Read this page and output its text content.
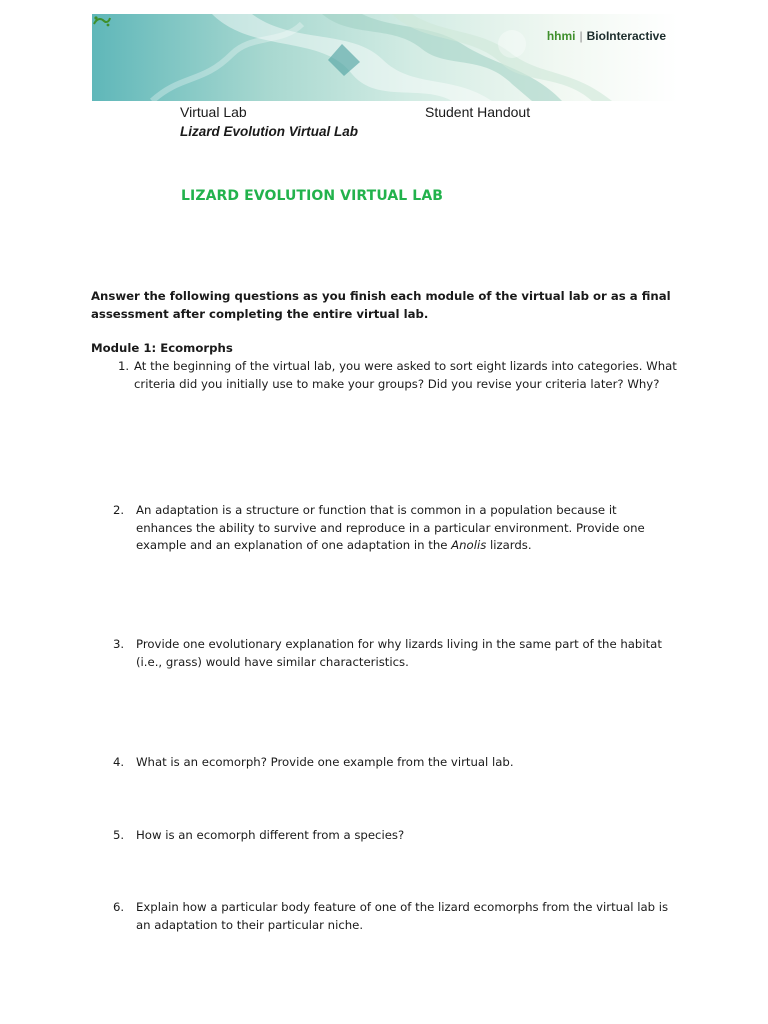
hhmi | BioInteractive
Virtual Lab
Lizard Evolution Virtual Lab
Student Handout
LIZARD EVOLUTION VIRTUAL LAB
Answer the following questions as you finish each module of the virtual lab or as a final assessment after completing the entire virtual lab.
Module 1: Ecomorphs
1. At the beginning of the virtual lab, you were asked to sort eight lizards into categories. What criteria did you initially use to make your groups? Did you revise your criteria later? Why?
2. An adaptation is a structure or function that is common in a population because it enhances the ability to survive and reproduce in a particular environment. Provide one example and an explanation of one adaptation in the Anolis lizards.
3. Provide one evolutionary explanation for why lizards living in the same part of the habitat (i.e., grass) would have similar characteristics.
4. What is an ecomorph? Provide one example from the virtual lab.
5. How is an ecomorph different from a species?
6. Explain how a particular body feature of one of the lizard ecomorphs from the virtual lab is an adaptation to their particular niche.
